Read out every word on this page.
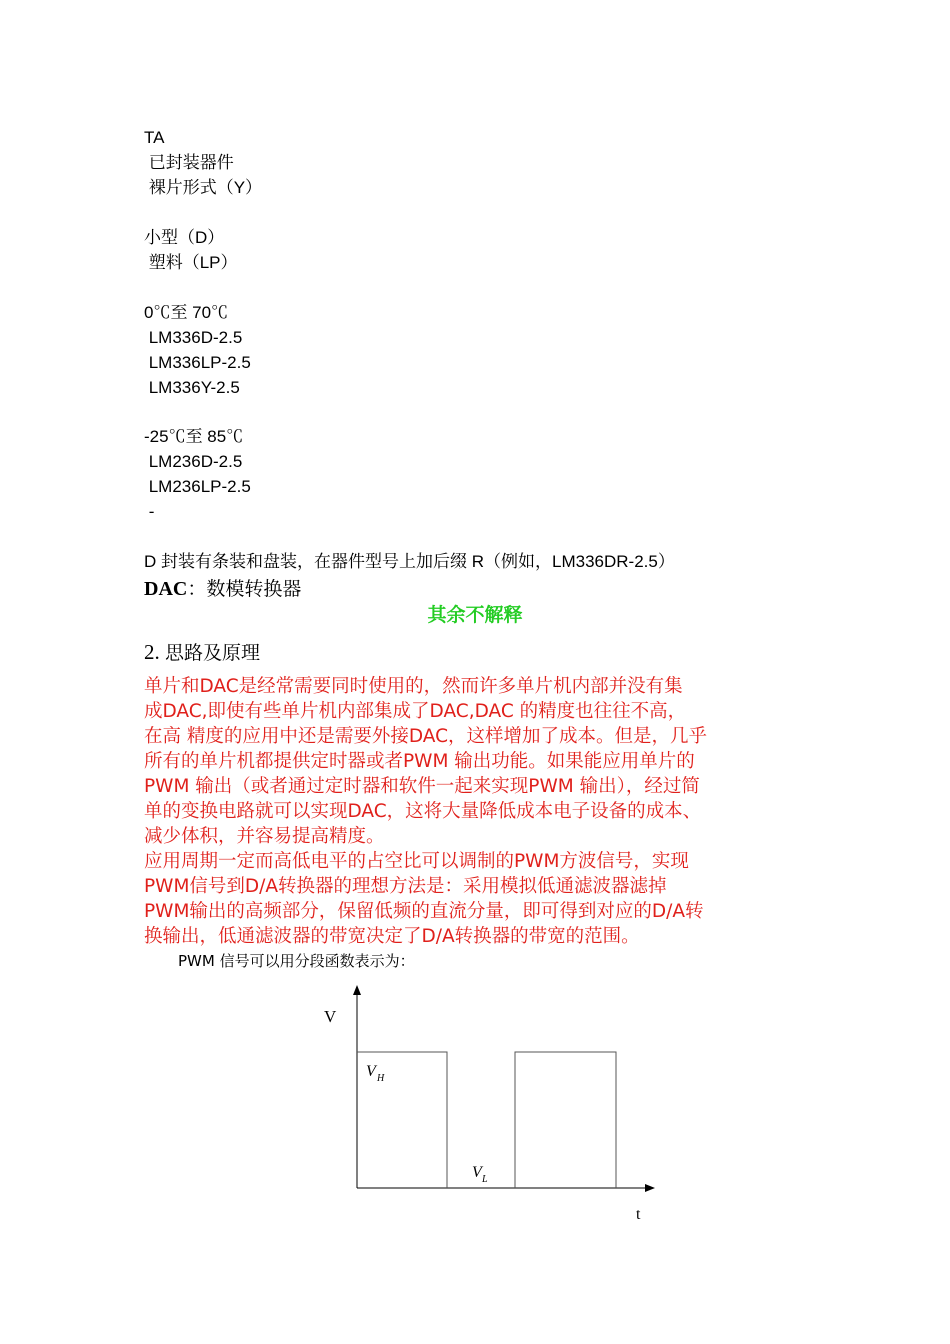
TA
已封装器件
裸片形式（Y）
小型（D）
塑料（LP）
0℃至 70℃
LM336D-2.5
LM336LP-2.5
LM336Y-2.5
-25℃至 85℃
LM236D-2.5
LM236LP-2.5
-
D 封装有条装和盘装，在器件型号上加后缀 R（例如，LM336DR-2.5）
DAC：数模转换器
其余不解释
2. 思路及原理
单片和DAC是经常需要同时使用的，然而许多单片机内部并没有集
成DAC,即使有些单片机内部集成了DAC,DAC 的精度也往往不高，
在高 精度的应用中还是需要外接DAC，这样增加了成本。但是，几乎
所有的单片机都提供定时器或者PWM 输出功能。如果能应用单片的
PWM 输出（或者通过定时器和软件一起来实现PWM 输出），经过简
单的变换电路就可以实现DAC，这将大量降低成本电子设备的成本、
减少体积，并容易提高精度。
应用周期一定而高低电平的占空比可以调制的PWM方波信号，实现
PWM信号到D/A转换器的理想方法是：采用模拟低通滤波器滤掉
PWM输出的高频部分，保留低频的直流分量，即可得到对应的D/A转
换输出，低通滤波器的带宽决定了D/A转换器的带宽的范围。
PWM 信号可以用分段函数表示为：
V
t
V H
V L
